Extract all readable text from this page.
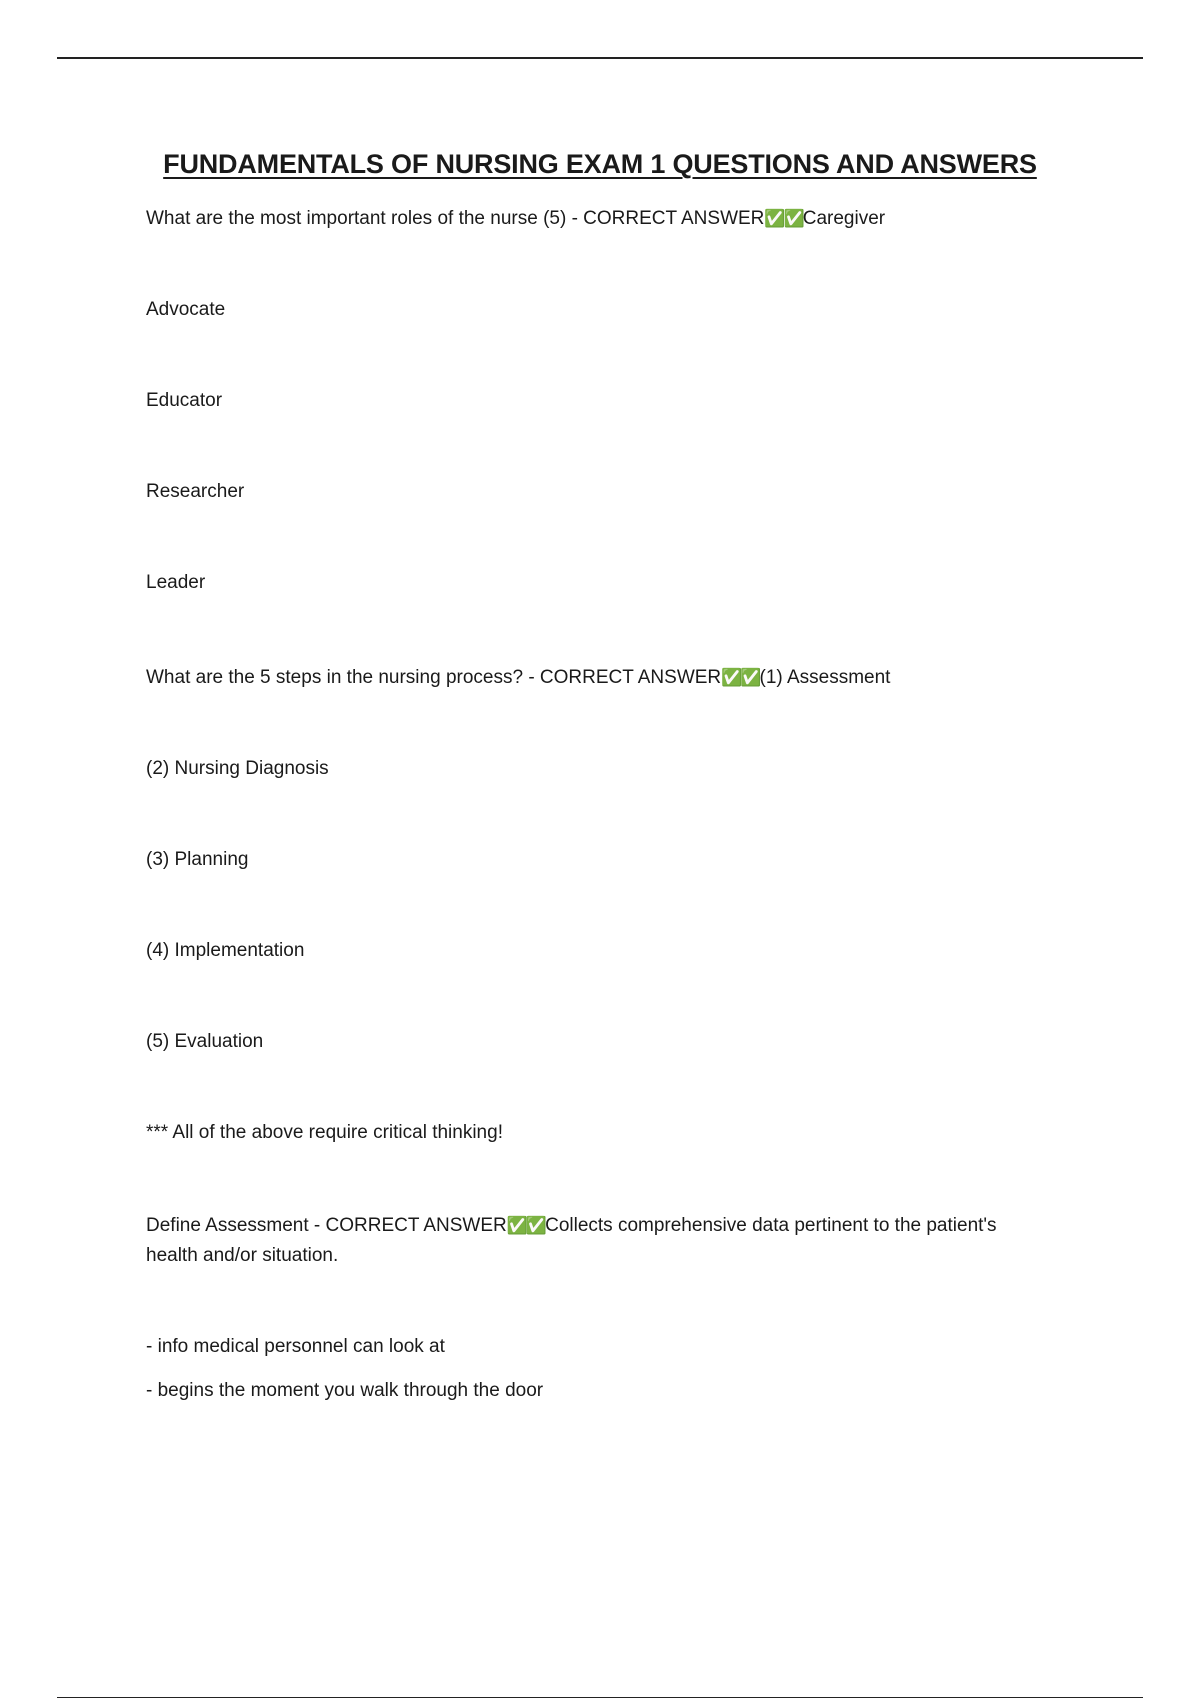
FUNDAMENTALS OF NURSING EXAM 1 QUESTIONS AND ANSWERS

What are the most important roles of the nurse (5) - CORRECT ANSWER✅✅Caregiver

Advocate

Educator

Researcher

Leader

What are the 5 steps in the nursing process? - CORRECT ANSWER✅✅(1) Assessment

(2) Nursing Diagnosis

(3) Planning

(4) Implementation

(5) Evaluation

*** All of the above require critical thinking!

Define Assessment - CORRECT ANSWER✅✅Collects comprehensive data pertinent to the patient's

health and/or situation.

- info medical personnel can look at

- begins the moment you walk through the door
